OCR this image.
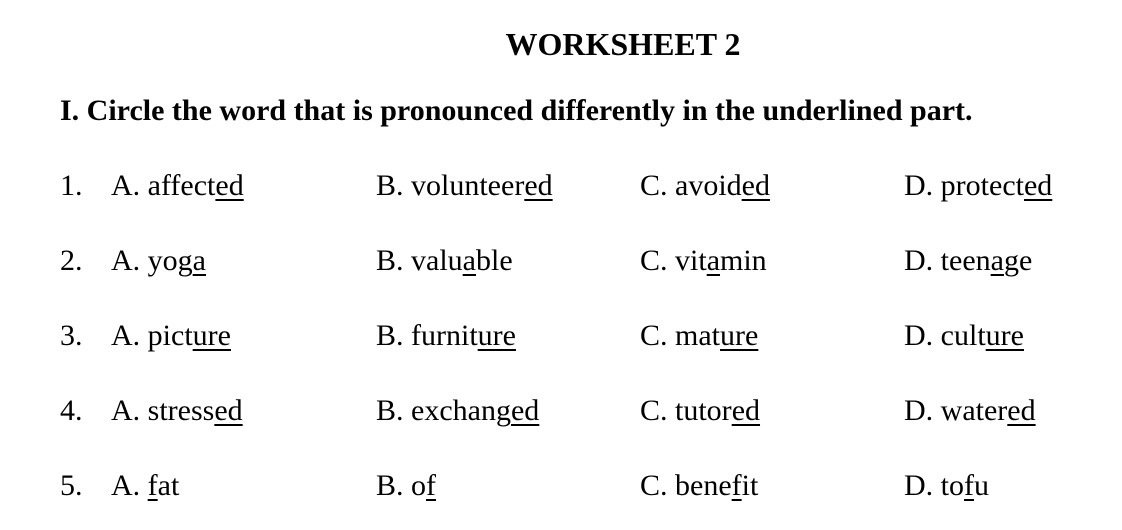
WORKSHEET 2
I. Circle the word that is pronounced differently in the underlined part.
1. A. affected	B. volunteered	C. avoided	D. protected
2. A. yoga	B. valuable	C. vitamin	D. teenage
3. A. picture	B. furniture	C. mature	D. culture
4. A. stressed	B. exchanged	C. tutored	D. watered
5. A. fat	B. of	C. benefit	D. tofu
